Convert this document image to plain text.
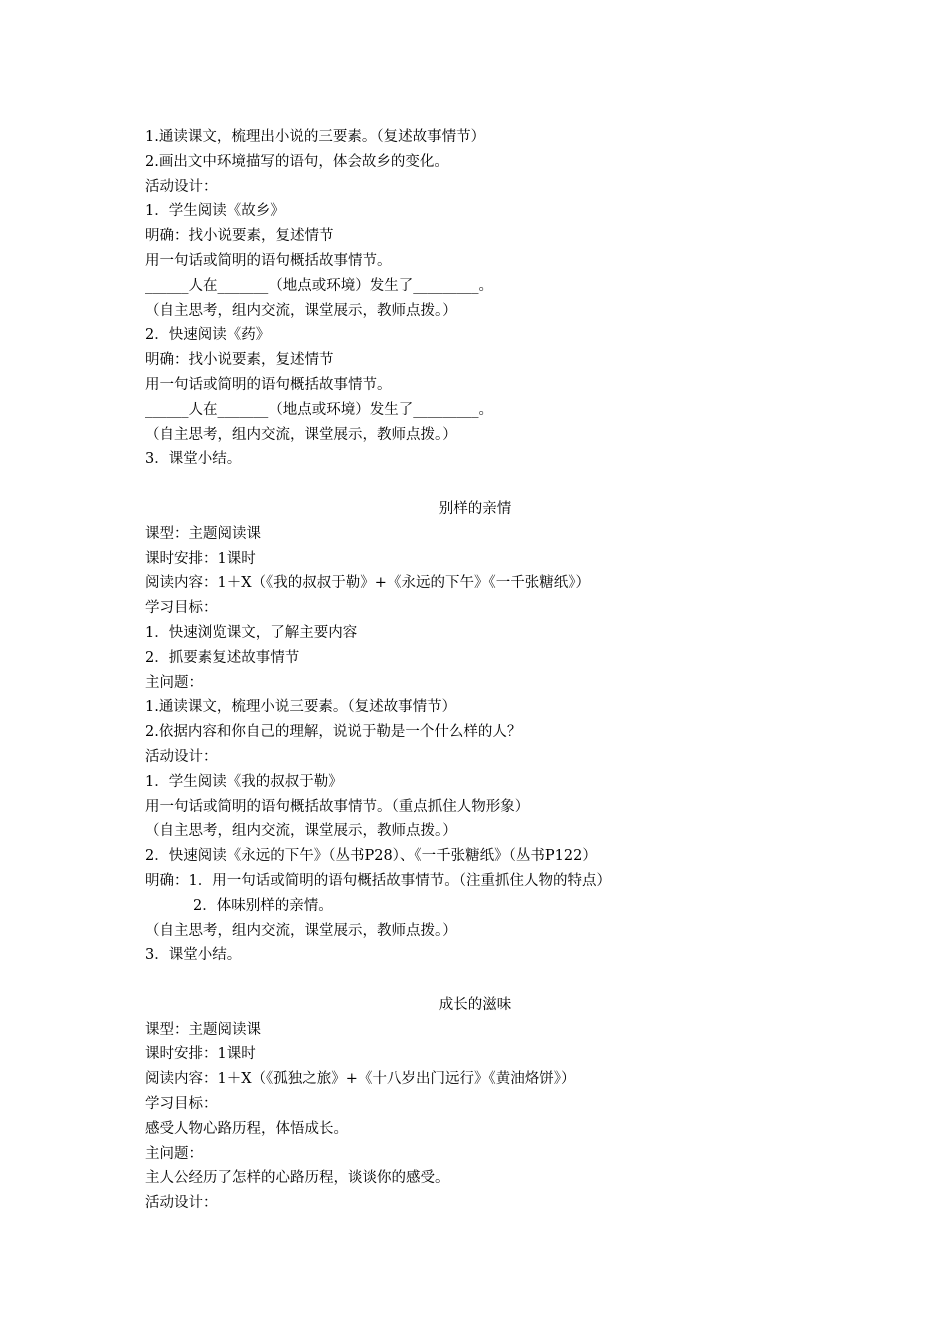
1.通读课文，梳理出小说的三要素。（复述故事情节）
2.画出文中环境描写的语句，体会故乡的变化。
活动设计：
1．学生阅读《故乡》
明确：找小说要素，复述情节
用一句话或简明的语句概括故事情节。
______人在_______（地点或环境）发生了_________。
（自主思考，组内交流，课堂展示，教师点拨。）
2．快速阅读《药》
明确：找小说要素，复述情节
用一句话或简明的语句概括故事情节。
______人在_______（地点或环境）发生了_________。
（自主思考，组内交流，课堂展示，教师点拨。）
3．课堂小结。
别样的亲情
课型：主题阅读课
课时安排：1课时
阅读内容：1＋X（《我的叔叔于勒》+《永远的下午》《一千张糖纸》）
学习目标：
1．快速浏览课文，了解主要内容
2．抓要素复述故事情节
主问题：
1.通读课文，梳理小说三要素。（复述故事情节）
2.依据内容和你自己的理解，说说于勒是一个什么样的人？
活动设计：
1．学生阅读《我的叔叔于勒》
用一句话或简明的语句概括故事情节。（重点抓住人物形象）
（自主思考，组内交流，课堂展示，教师点拨。）
2．快速阅读《永远的下午》（丛书P28）、《一千张糖纸》（丛书P122）
明确：1．用一句话或简明的语句概括故事情节。（注重抓住人物的特点）
2．体味别样的亲情。
（自主思考，组内交流，课堂展示，教师点拨。）
3．课堂小结。
成长的滋味
课型：主题阅读课
课时安排：1课时
阅读内容：1＋X（《孤独之旅》+《十八岁出门远行》《黄油烙饼》）
学习目标：
感受人物心路历程，体悟成长。
主问题：
主人公经历了怎样的心路历程，谈谈你的感受。
活动设计：
